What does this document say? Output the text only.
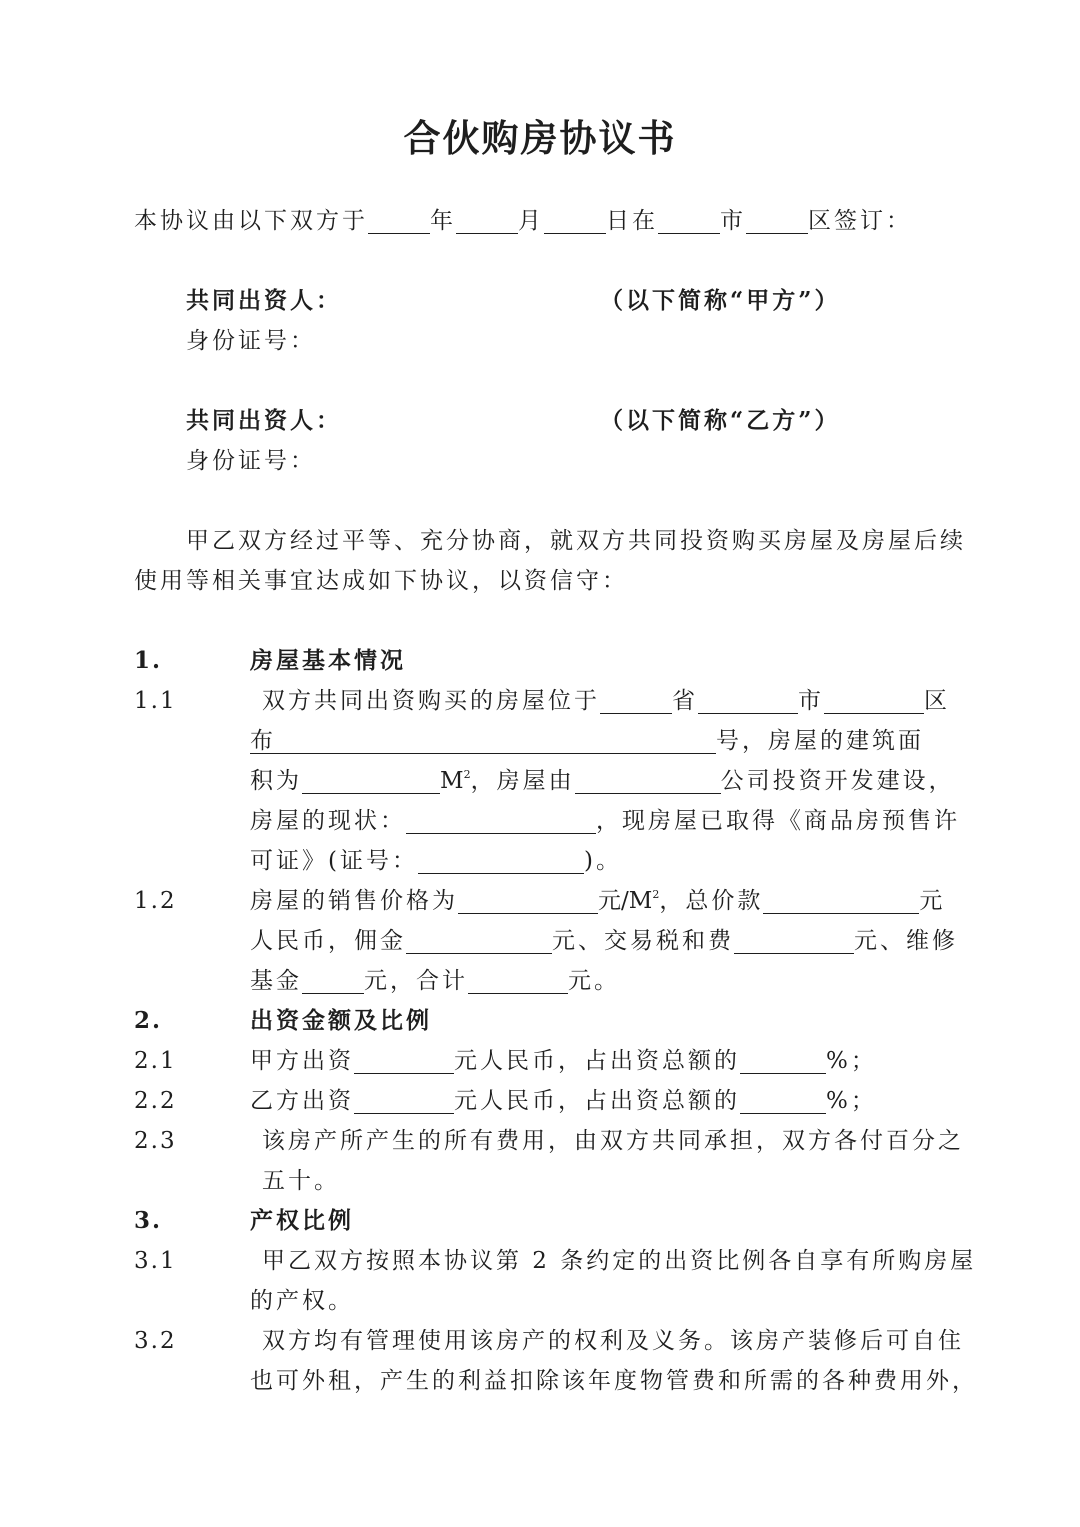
合伙购房协议书
本协议由以下双方于	年	月	日在	市	区签订：
共同出资人：	（以下简称“甲方”）
身份证号：
共同出资人：	（以下简称“乙方”）
身份证号：
甲乙双方经过平等、充分协商，就双方共同投资购买房屋及房屋后续
使用等相关事宜达成如下协议，以资信守：
1.	房屋基本情况
1.1	双方共同出资购买的房屋位于	省	市	区
布	号，房屋的建筑面
积为	$M^2$，房屋由	公司投资开发建设，
房屋的现状：	，现房屋已取得《商品房预售许
可证》(证号：	)。
1.2	房屋的销售价格为	元$/M^2$，总价款	元
人民币，佣金	元、交易税和费	元、维修
基金	元，合计	元。
2.	出资金额及比例
2.1	甲方出资	元人民币，占出资总额的	%；
2.2	乙方出资	元人民币，占出资总额的	%；
2.3	该房产所产生的所有费用，由双方共同承担，双方各付百分之
五十。
3.	产权比例
3.1	甲乙双方按照本协议第 2 条约定的出资比例各自享有所购房屋
的产权。
3.2	双方均有管理使用该房产的权利及义务。该房产装修后可自住
也可外租，产生的利益扣除该年度物管费和所需的各种费用外，
